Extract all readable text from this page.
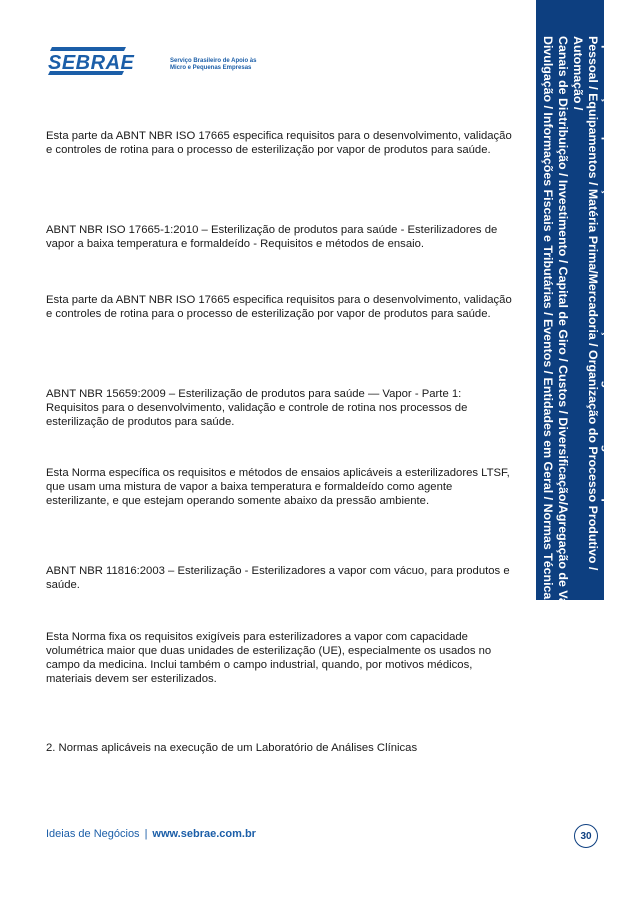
SEBRAE	Serviço Brasileiro de Apoio às
Micro e Pequenas Empresas	Apresentação / Apresentação / Mercado / Localização / Exigências Legais e Específicas / Estrutura/
Pessoal / Equipamentos / Matéria Prima/Mercadoria / Organização do Processo Produtivo / Automação /
Canais de Distribuição / Investimento / Capital de Giro / Custos / Diversificação/Agregação de Valor /
Divulgação / Informações Fiscais e Tributárias / Eventos / Entidades em Geral / Normas Técnicas

Esta parte da ABNT NBR ISO 17665 especifica requisitos para o desenvolvimento, validação e controles de rotina para o processo de esterilização por vapor de produtos para saúde.

ABNT NBR ISO 17665-1:2010 – Esterilização de produtos para saúde - Esterilizadores de vapor a baixa temperatura e formaldeído - Requisitos e métodos de ensaio.

Esta parte da ABNT NBR ISO 17665 especifica requisitos para o desenvolvimento, validação e controles de rotina para o processo de esterilização por vapor de produtos para saúde.

ABNT NBR 15659:2009 – Esterilização de produtos para saúde — Vapor - Parte 1: Requisitos para o desenvolvimento, validação e controle de rotina nos processos de esterilização de produtos para saúde.

Esta Norma específica os requisitos e métodos de ensaios aplicáveis a esterilizadores LTSF, que usam uma mistura de vapor a baixa temperatura e formaldeído como agente esterilizante, e que estejam operando somente abaixo da pressão ambiente.

ABNT NBR 11816:2003 – Esterilização - Esterilizadores a vapor com vácuo, para produtos e saúde.

Esta Norma fixa os requisitos exigíveis para esterilizadores a vapor com capacidade volumétrica maior que duas unidades de esterilização (UE), especialmente os usados no campo da medicina. Inclui também o campo industrial, quando, por motivos médicos, materiais devem ser esterilizados.

2. Normas aplicáveis na execução de um Laboratório de Análises Clínicas

Ideias de Negócios | www.sebrae.com.br	30
